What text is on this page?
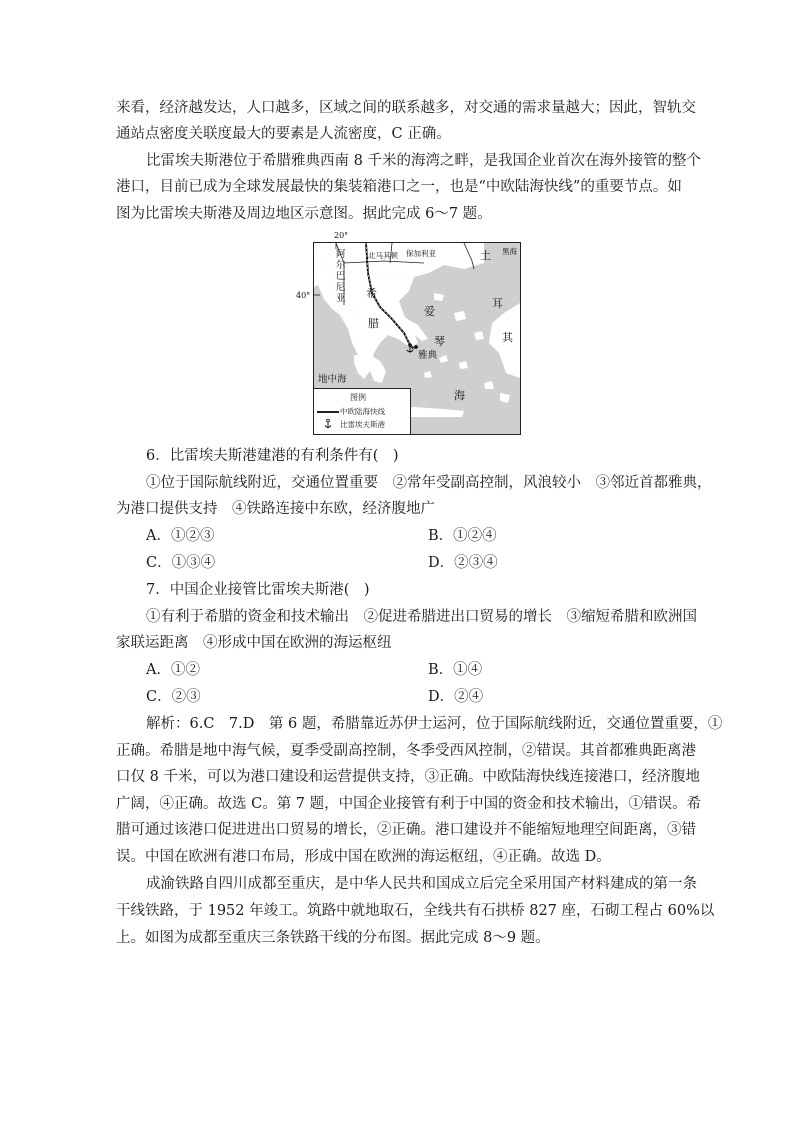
来看，经济越发达，人口越多，区域之间的联系越多，对交通的需求量越大；因此，智轨交
通站点密度关联度最大的要素是人流密度，C 正确。
比雷埃夫斯港位于希腊雅典西南 8 千米的海湾之畔，是我国企业首次在海外接管的整个
港口，目前已成为全球发展最快的集装箱港口之一，也是“中欧陆海快线”的重要节点。如
图为比雷埃夫斯港及周边地区示意图。据此完成 6～7 题。
20°
40°
阿尔巴尼亚
北马其顿 保加利亚	黑海
土
耳
其
希
腊
爱
琴
海
雅典
地中海
图例
中欧陆海快线
比雷埃夫斯港
6．比雷埃夫斯港建港的有利条件有(　)
①位于国际航线附近，交通位置重要　②常年受副高控制，风浪较小　③邻近首都雅典，
为港口提供支持　④铁路连接中东欧，经济腹地广
A．①②③	B．①②④
C．①③④	D．②③④
7．中国企业接管比雷埃夫斯港(　)
①有利于希腊的资金和技术输出　②促进希腊进出口贸易的增长　③缩短希腊和欧洲国
家联运距离　④形成中国在欧洲的海运枢纽
A．①②	B．①④
C．②③	D．②④
解析：6.C　7.D　第 6 题，希腊靠近苏伊士运河，位于国际航线附近，交通位置重要，①
正确。希腊是地中海气候，夏季受副高控制，冬季受西风控制，②错误。其首都雅典距离港
口仅 8 千米，可以为港口建设和运营提供支持，③正确。中欧陆海快线连接港口，经济腹地
广阔，④正确。故选 C。第 7 题，中国企业接管有利于中国的资金和技术输出，①错误。希
腊可通过该港口促进进出口贸易的增长，②正确。港口建设并不能缩短地理空间距离，③错
误。中国在欧洲有港口布局，形成中国在欧洲的海运枢纽，④正确。故选 D。
成渝铁路自四川成都至重庆，是中华人民共和国成立后完全采用国产材料建成的第一条
干线铁路，于 1952 年竣工。筑路中就地取石，全线共有石拱桥 827 座，石砌工程占 60%以
上。如图为成都至重庆三条铁路干线的分布图。据此完成 8～9 题。
